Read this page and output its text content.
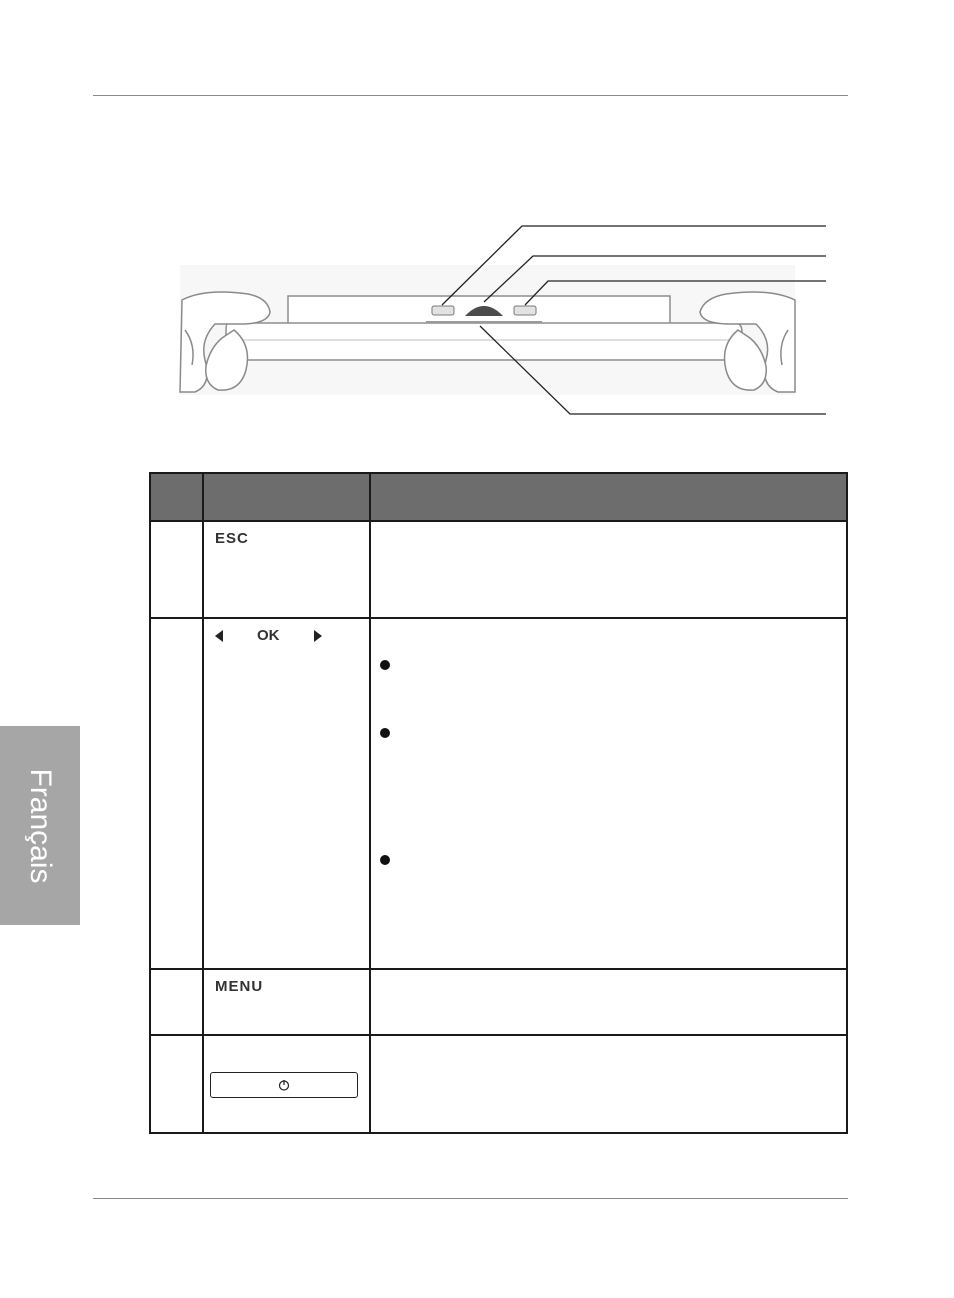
	ESC	

	OK	

	MENU	

Français
